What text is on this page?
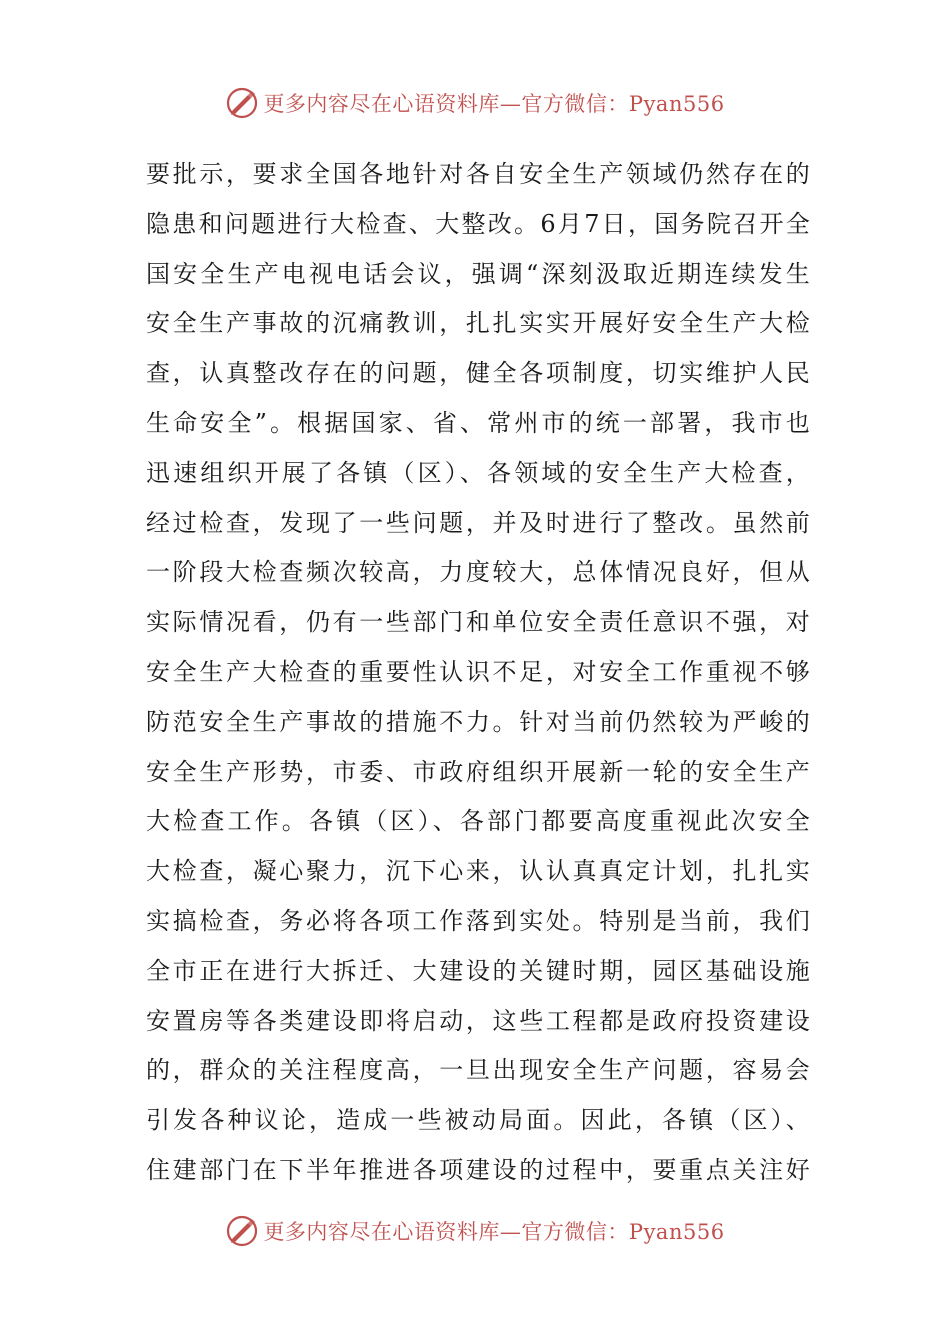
更多内容尽在心语资料库—官方微信：Pyan556
要批示，要求全国各地针对各自安全生产领域仍然存在的
隐患和问题进行大检查、大整改。6月7日，国务院召开全
国安全生产电视电话会议，强调“深刻汲取近期连续发生
安全生产事故的沉痛教训，扎扎实实开展好安全生产大检
查，认真整改存在的问题，健全各项制度，切实维护人民
生命安全”。根据国家、省、常州市的统一部署，我市也
迅速组织开展了各镇（区）、各领域的安全生产大检查，
经过检查，发现了一些问题，并及时进行了整改。虽然前
一阶段大检查频次较高，力度较大，总体情况良好，但从
实际情况看，仍有一些部门和单位安全责任意识不强，对
安全生产大检查的重要性认识不足，对安全工作重视不够
防范安全生产事故的措施不力。针对当前仍然较为严峻的
安全生产形势，市委、市政府组织开展新一轮的安全生产
大检查工作。各镇（区）、各部门都要高度重视此次安全
大检查，凝心聚力，沉下心来，认认真真定计划，扎扎实
实搞检查，务必将各项工作落到实处。特别是当前，我们
全市正在进行大拆迁、大建设的关键时期，园区基础设施
安置房等各类建设即将启动，这些工程都是政府投资建设
的，群众的关注程度高，一旦出现安全生产问题，容易会
引发各种议论，造成一些被动局面。因此，各镇（区）、
住建部门在下半年推进各项建设的过程中，要重点关注好
更多内容尽在心语资料库—官方微信：Pyan556
